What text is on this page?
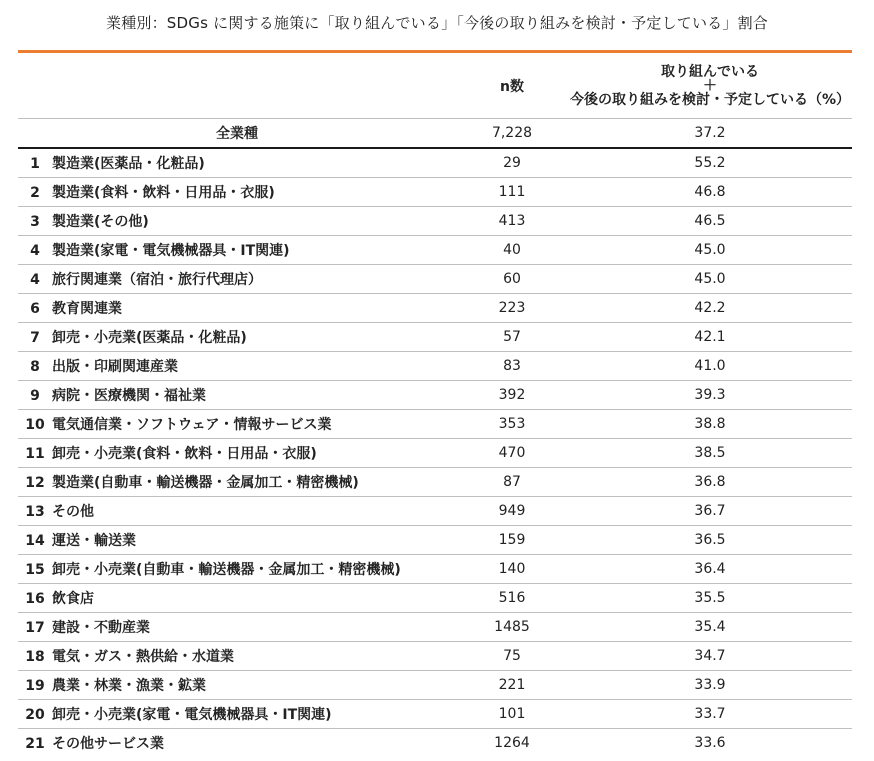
業種別：SDGs に関する施策に「取り組んでいる」「今後の取り組みを検討・予定している」割合
	n数	取り組んでいる
＋
今後の取り組みを検討・予定している（%）

全業種	7,228	37.2
1 製造業(医薬品・化粧品)	29	55.2
2 製造業(食料・飲料・日用品・衣服)	111	46.8
3 製造業(その他)	413	46.5
4 製造業(家電・電気機械器具・IT関連)	40	45.0
4 旅行関連業（宿泊・旅行代理店）	60	45.0
6 教育関連業	223	42.2
7 卸売・小売業(医薬品・化粧品)	57	42.1
8 出版・印刷関連産業	83	41.0
9 病院・医療機関・福祉業	392	39.3
10 電気通信業・ソフトウェア・情報サービス業	353	38.8
11 卸売・小売業(食料・飲料・日用品・衣服)	470	38.5
12 製造業(自動車・輸送機器・金属加工・精密機械)	87	36.8
13 その他	949	36.7
14 運送・輸送業	159	36.5
15 卸売・小売業(自動車・輸送機器・金属加工・精密機械)	140	36.4
16 飲食店	516	35.5
17 建設・不動産業	1485	35.4
18 電気・ガス・熱供給・水道業	75	34.7
19 農業・林業・漁業・鉱業	221	33.9
20 卸売・小売業(家電・電気機械器具・IT関連)	101	33.7
21 その他サービス業	1264	33.6
